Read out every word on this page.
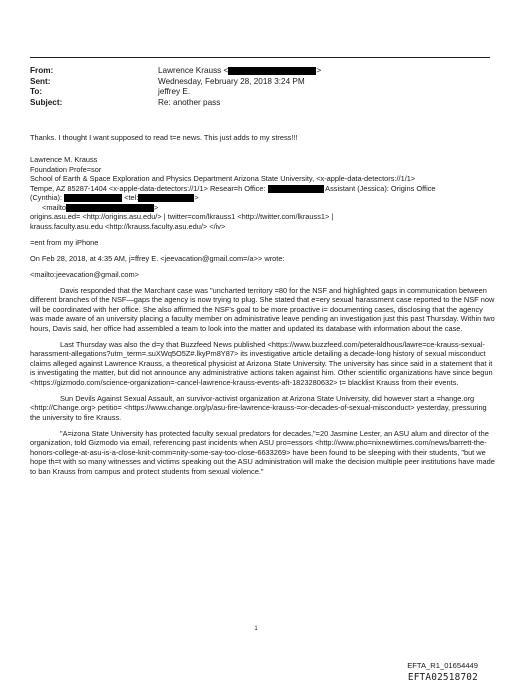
From:	Lawrence Krauss <	>
Sent:	Wednesday, February 28, 2018 3:24 PM
To:	jeffrey E.
Subject:	Re: another pass

Thanks. I thought I want supposed to read t=e news. This just adds to my stress!!!

Lawrence M. Krauss
Foundation Profe=sor
School of Earth & Space Exploration and Physics Department Arizona State University, <x-apple-data-detectors://1/1>
Tempe, AZ 85287-1404 <x-apple-data-detectors://1/1> Resear=h Office:	Assistant (Jessica): Origins Office
(Cynthia):	<tel:	>
<mailto	>
origins.asu.ed= <http://origins.asu.edu/> | twitter=com/lkrauss1 <http://twitter.com/lkrauss1> |
krauss.faculty.asu.edu <http://krauss.faculty.asu.edu/> </iv>

=ent from my iPhone

On Feb 28, 2018, at 4:35 AM, j=ffrey E. <jeevacation@gmail.com=/a>> wrote:

<mailto:jeevacation@gmail.com>

Davis responded that the Marchant case was "uncharted territory =80 for the NSF and highlighted gaps in communication between different branches of the NSF—gaps the agency is now trying to plug. She stated that e=ery sexual harassment case reported to the NSF now will be coordinated with her office. She also affirmed the NSF's goal to be more proactive i= documenting cases, disclosing that the agency was made aware of an university placing a faculty member on administrative leave pending an investigation just this past Thursday. Within two hours, Davis said, her office had assembled a team to look into the matter and updated its database with information about the case.

Last Thursday was also the d=y that Buzzfeed News published <https://www.buzzfeed.com/peteraldhous/lawre=ce-krauss-sexual-harassment-allegations?utm_term=.suXWq5O5Z#.lkyPm8Y87> its investigative article detailing a decade-long history of sexual misconduct claims alleged against Lawrence Krauss, a theoretical physicist at Arizona State University. The university has since said in a statement that it is investigating the matter, but did not announce any administrative actions taken against him. Other scientific organizations have since begun <https://gizmodo.com/science-organization=-cancel-lawrence-krauss-events-aft-1823280632> t= blacklist Krauss from their events.

Sun Devils Against Sexual Assault, an survivor-activist organization at Arizona State University, did however start a =hange.org <http://Change.org> petitio= <https://www.change.org/p/asu-fire-lawrence-krauss-=or-decades-of-sexual-misconduct> yesterday, pressuring the university to fire Krauss.

"A=izona State University has protected faculty sexual predators for decades,"=20 Jasmine Lester, an ASU alum and director of the organization, told Gizmodo via email, referencing past incidents when ASU pro=essors <http://www.pho=nixnewtimes.com/news/barrett-the-honors-college-at-asu-is-a-close-knit-comm=nity-some-say-too-close-6633269> have been found to be sleeping with their students, "but we hope th=t with so many witnesses and victims speaking out the ASU administration will make the decision multiple peer institutions have made to ban Krauss from campus and protect students from sexual violence."

1
EFTA_R1_01654449
EFTA02518702
